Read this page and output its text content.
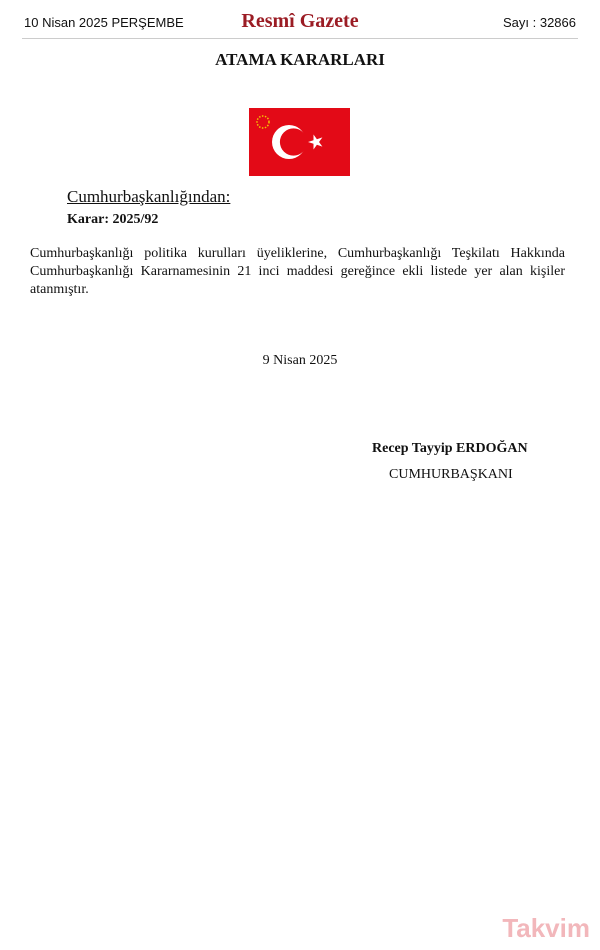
10 Nisan 2025 PERŞEMBE	Resmî Gazete	Sayı : 32866
ATAMA KARARLARI
Cumhurbaşkanlığından:
Karar: 2025/92
Cumhurbaşkanlığı politika kurulları üyeliklerine, Cumhurbaşkanlığı Teşkilatı Hakkında Cumhurbaşkanlığı Kararnamesinin 21 inci maddesi gereğince ekli listede yer alan kişiler atanmıştır.
9 Nisan 2025
Recep Tayyip ERDOĞAN
CUMHURBAŞKANI
Takvim
